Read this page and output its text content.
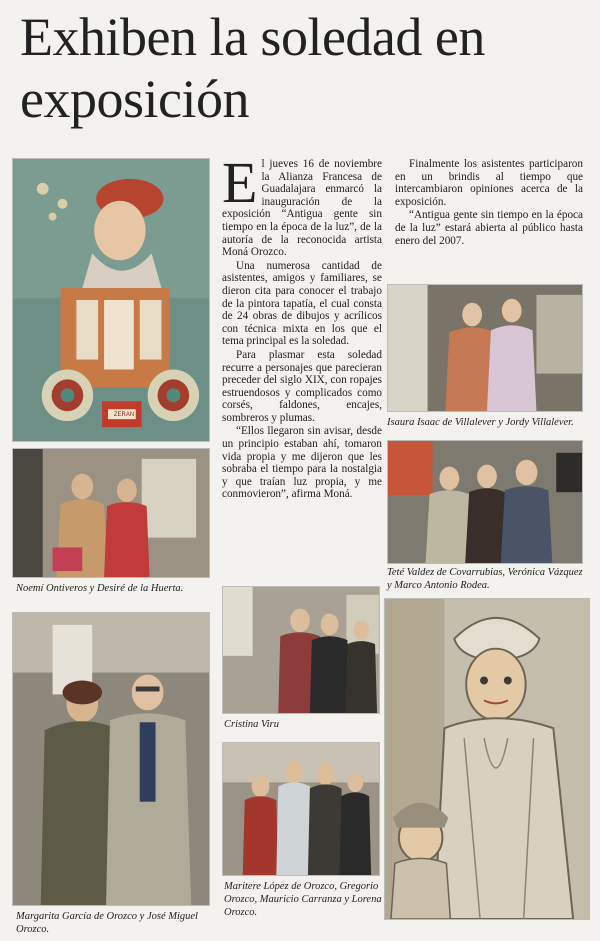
Exhiben la soledad en exposición
ZERAN

El jueves 16 de noviembre la Alianza Francesa de Guadalajara enmarcó la inauguración de la exposición “Antigua gente sin tiempo en la época de la luz”, de la autoría de la reconocida artista Moná Orozco.

Una numerosa cantidad de asistentes, amigos y familiares, se dieron cita para conocer el trabajo de la pintora tapatía, el cual consta de 24 obras de dibujos y acrílicos con técnica mixta en los que el tema principal es la soledad.

Para plasmar esta soledad recurre a personajes que parecieran preceder del siglo XIX, con ropajes estruendosos y complicados como corsés, faldones, encajes, sombreros y plumas.

“Ellos llegaron sin avisar, desde un principio estaban ahí, tomaron vida propia y me dijeron que les sobraba el tiempo para la nostalgia y que traían luz propia, y me conmovieron”, afirma Moná.

Finalmente los asistentes participaron en un brindis al tiempo que intercambiaron opiniones acerca de la exposición.

“Antigua gente sin tiempo en la época de la luz” estará abierta al público hasta enero del 2007.

Isaura Isaac de Villalever y Jordy Villalever.
Noemí Ontiveros y Desiré de la Huerta.
Teté Valdez de Covarrubias, Verónica Vázquez y Marco Antonio Rodea.
Cristina Viru
Margarita García de Orozco y José Miguel Orozco.
Maritere López de Orozco, Gregorio Orozco, Mauricio Carranza y Lorena Orozco.
